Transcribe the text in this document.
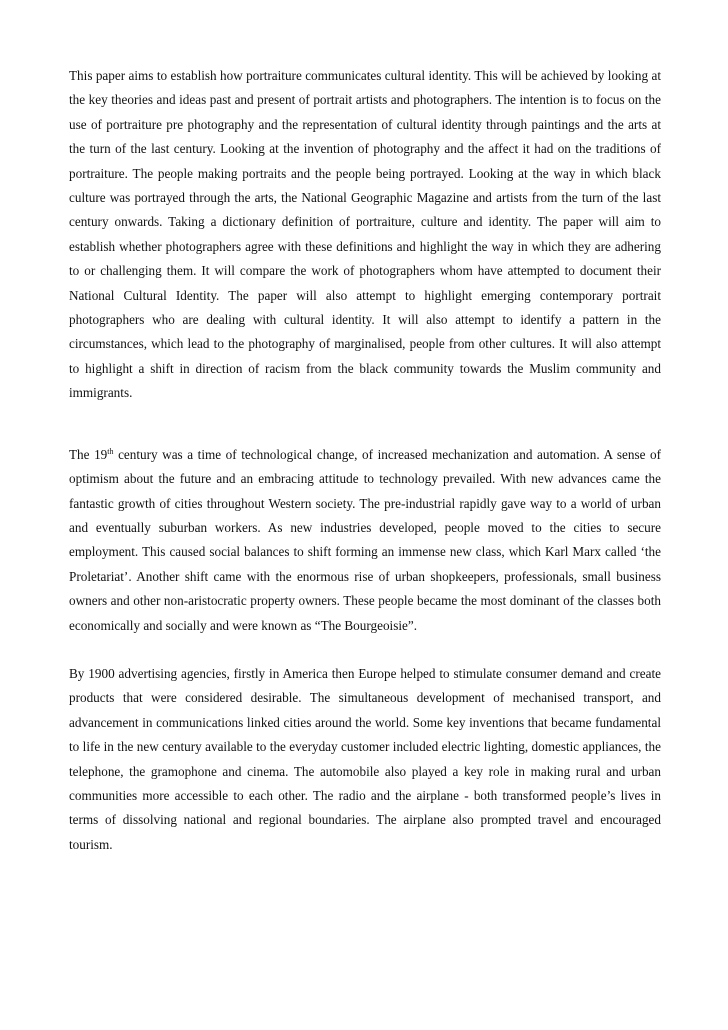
This paper aims to establish how portraiture communicates cultural identity. This will be achieved by looking at the key theories and ideas past and present of portrait artists and photographers. The intention is to focus on the use of portraiture pre photography and the representation of cultural identity through paintings and the arts at the turn of the last century. Looking at the invention of photography and the affect it had on the traditions of portraiture. The people making portraits and the people being portrayed. Looking at the way in which black culture was portrayed through the arts, the National Geographic Magazine and artists from the turn of the last century onwards. Taking a dictionary definition of portraiture, culture and identity. The paper will aim to establish whether photographers agree with these definitions and highlight the way in which they are adhering to or challenging them. It will compare the work of photographers whom have attempted to document their National Cultural Identity. The paper will also attempt to highlight emerging contemporary portrait photographers who are dealing with cultural identity. It will also attempt to identify a pattern in the circumstances, which lead to the photography of marginalised, people from other cultures. It will also attempt to highlight a shift in direction of racism from the black community towards the Muslim community and immigrants.

The 19th century was a time of technological change, of increased mechanization and automation. A sense of optimism about the future and an embracing attitude to technology prevailed. With new advances came the fantastic growth of cities throughout Western society. The pre-industrial rapidly gave way to a world of urban and eventually suburban workers. As new industries developed, people moved to the cities to secure employment. This caused social balances to shift forming an immense new class, which Karl Marx called ‘the Proletariat’. Another shift came with the enormous rise of urban shopkeepers, professionals, small business owners and other non-aristocratic property owners. These people became the most dominant of the classes both economically and socially and were known as “The Bourgeoisie”.

By 1900 advertising agencies, firstly in America then Europe helped to stimulate consumer demand and create products that were considered desirable. The simultaneous development of mechanised transport, and advancement in communications linked cities around the world. Some key inventions that became fundamental to life in the new century available to the everyday customer included electric lighting, domestic appliances, the telephone, the gramophone and cinema. The automobile also played a key role in making rural and urban communities more accessible to each other. The radio and the airplane - both transformed people’s lives in terms of dissolving national and regional boundaries. The airplane also prompted travel and encouraged tourism.
